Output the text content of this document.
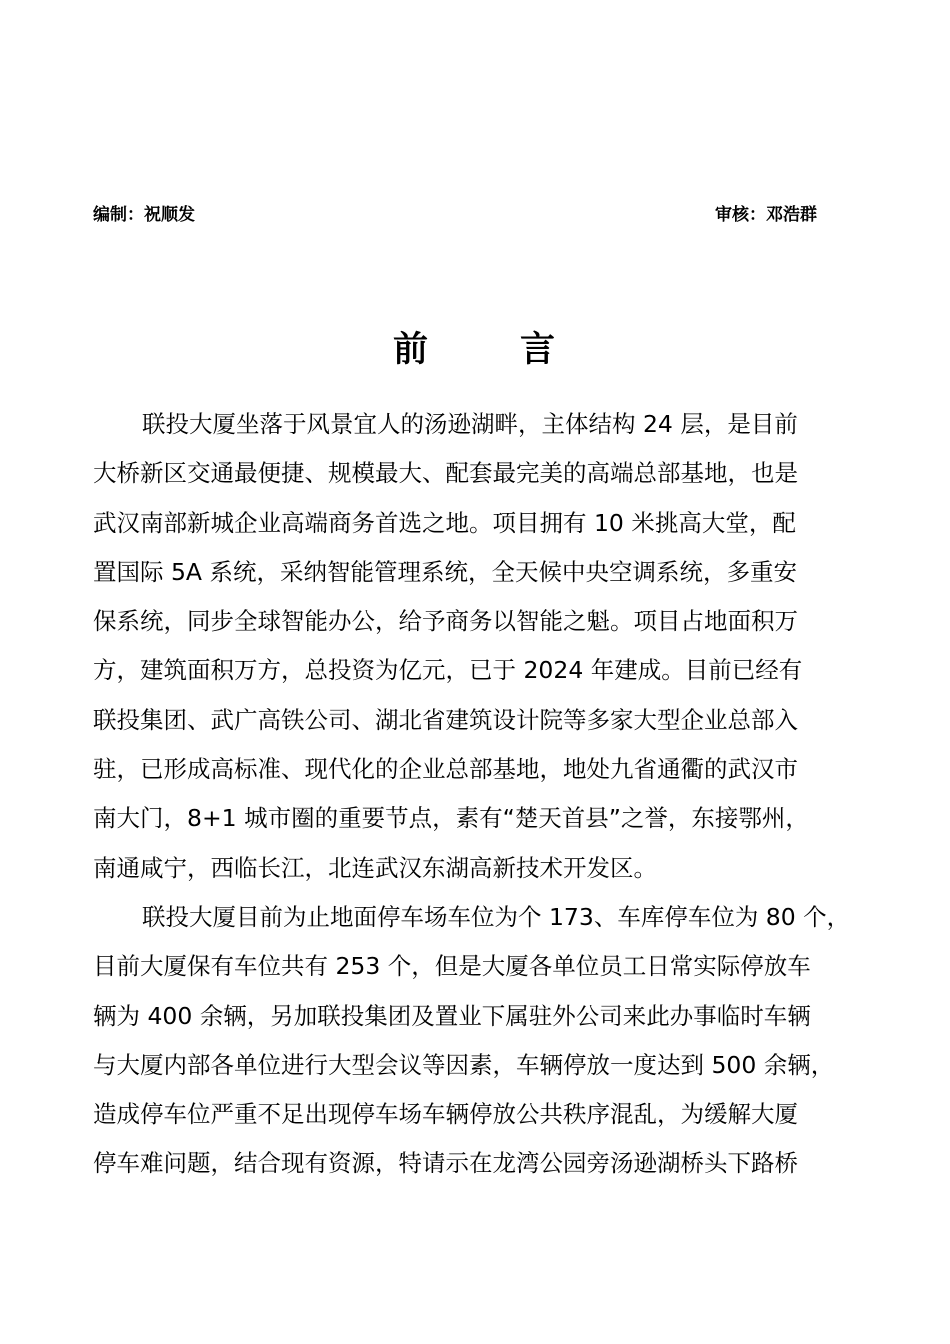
编制：祝顺发	审核：邓浩群
前	言
联投大厦坐落于风景宜人的汤逊湖畔，主体结构 24 层，是目前
大桥新区交通最便捷、规模最大、配套最完美的高端总部基地，也是
武汉南部新城企业高端商务首选之地。项目拥有 10 米挑高大堂，配
置国际 5A 系统，采纳智能管理系统，全天候中央空调系统，多重安
保系统，同步全球智能办公，给予商务以智能之魁。项目占地面积万
方，建筑面积万方，总投资为亿元，已于 2024 年建成。目前已经有
联投集团、武广高铁公司、湖北省建筑设计院等多家大型企业总部入
驻，已形成高标准、现代化的企业总部基地，地处九省通衢的武汉市
南大门，8+1 城市圈的重要节点，素有“楚天首县”之誉，东接鄂州，
南通咸宁，西临长江，北连武汉东湖高新技术开发区。
联投大厦目前为止地面停车场车位为个 173、车库停车位为 80 个，
目前大厦保有车位共有 253 个，但是大厦各单位员工日常实际停放车
辆为 400 余辆，另加联投集团及置业下属驻外公司来此办事临时车辆
与大厦内部各单位进行大型会议等因素，车辆停放一度达到 500 余辆，
造成停车位严重不足出现停车场车辆停放公共秩序混乱，为缓解大厦
停车难问题，结合现有资源，特请示在龙湾公园旁汤逊湖桥头下路桥
